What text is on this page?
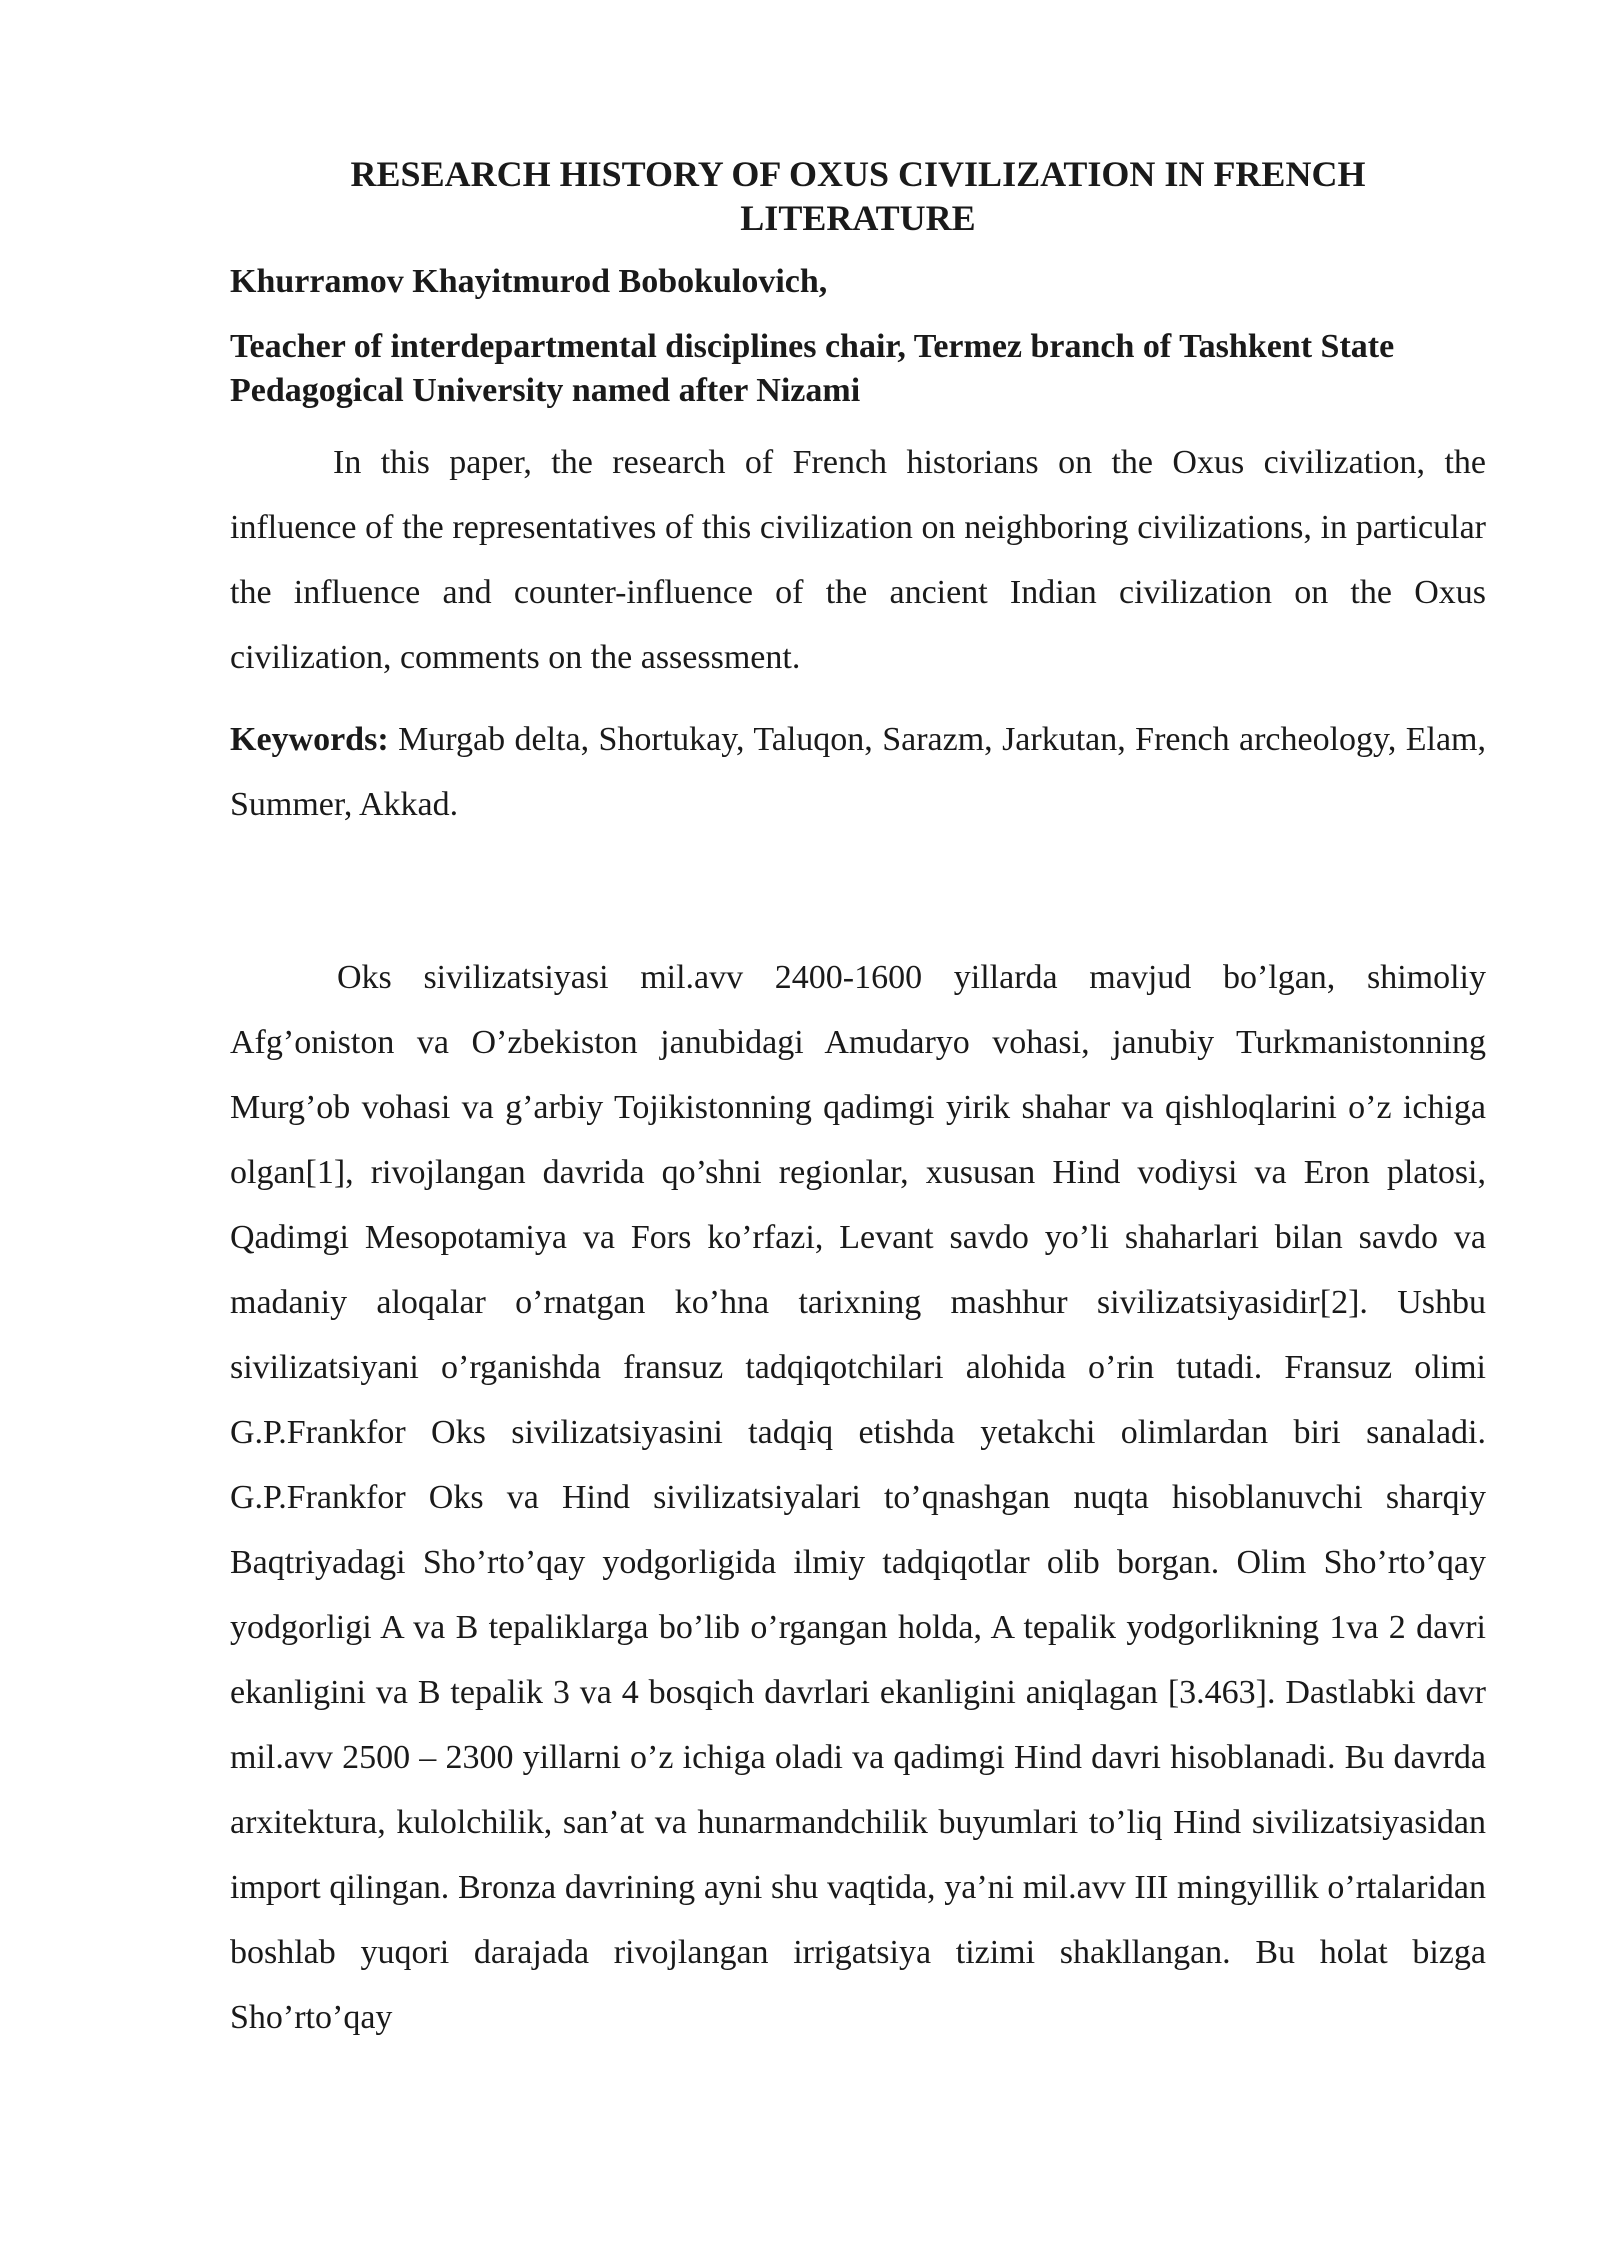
RESEARCH HISTORY OF OXUS CIVILIZATION IN FRENCH LITERATURE

Khurramov Khayitmurod Bobokulovich,

Teacher of interdepartmental disciplines chair, Termez branch of Tashkent State Pedagogical University named after Nizami

In this paper, the research of French historians on the Oxus civilization, the influence of the representatives of this civilization on neighboring civilizations, in particular the influence and counter-influence of the ancient Indian civilization on the Oxus civilization, comments on the assessment.

Keywords: Murgab delta, Shortukay, Taluqon, Sarazm, Jarkutan, French archeology, Elam, Summer, Akkad.

Oks sivilizatsiyasi mil.avv 2400-1600 yillarda mavjud bo’lgan, shimoliy Afg’oniston va O’zbekiston janubidagi Amudaryo vohasi, janubiy Turkmanistonning Murg’ob vohasi va g’arbiy Tojikistonning qadimgi yirik shahar va qishloqlarini o’z ichiga olgan[1], rivojlangan davrida qo’shni regionlar, xususan Hind vodiysi va Eron platosi, Qadimgi Mesopotamiya va Fors ko’rfazi, Levant savdo yo’li shaharlari bilan savdo va madaniy aloqalar o’rnatgan ko’hna tarixning mashhur sivilizatsiyasidir[2]. Ushbu sivilizatsiyani o’rganishda fransuz tadqiqotchilari alohida o’rin tutadi. Fransuz olimi G.P.Frankfor Oks sivilizatsiyasini tadqiq etishda yetakchi olimlardan biri sanaladi. G.P.Frankfor Oks va Hind sivilizatsiyalari to’qnashgan nuqta hisoblanuvchi sharqiy Baqtriyadagi Sho’rto’qay yodgorligida ilmiy tadqiqotlar olib borgan. Olim Sho’rto’qay yodgorligi A va B tepaliklarga bo’lib o’rgangan holda, A tepalik yodgorlikning 1va 2 davri ekanligini va B tepalik 3 va 4 bosqich davrlari ekanligini aniqlagan [3.463]. Dastlabki davr mil.avv 2500 – 2300 yillarni o’z ichiga oladi va qadimgi Hind davri hisoblanadi. Bu davrda arxitektura, kulolchilik, san’at va hunarmandchilik buyumlari to’liq Hind sivilizatsiyasidan import qilingan. Bronza davrining ayni shu vaqtida, ya’ni mil.avv III mingyillik o’rtalaridan boshlab yuqori darajada rivojlangan irrigatsiya tizimi shakllangan. Bu holat bizga Sho’rto’qay
